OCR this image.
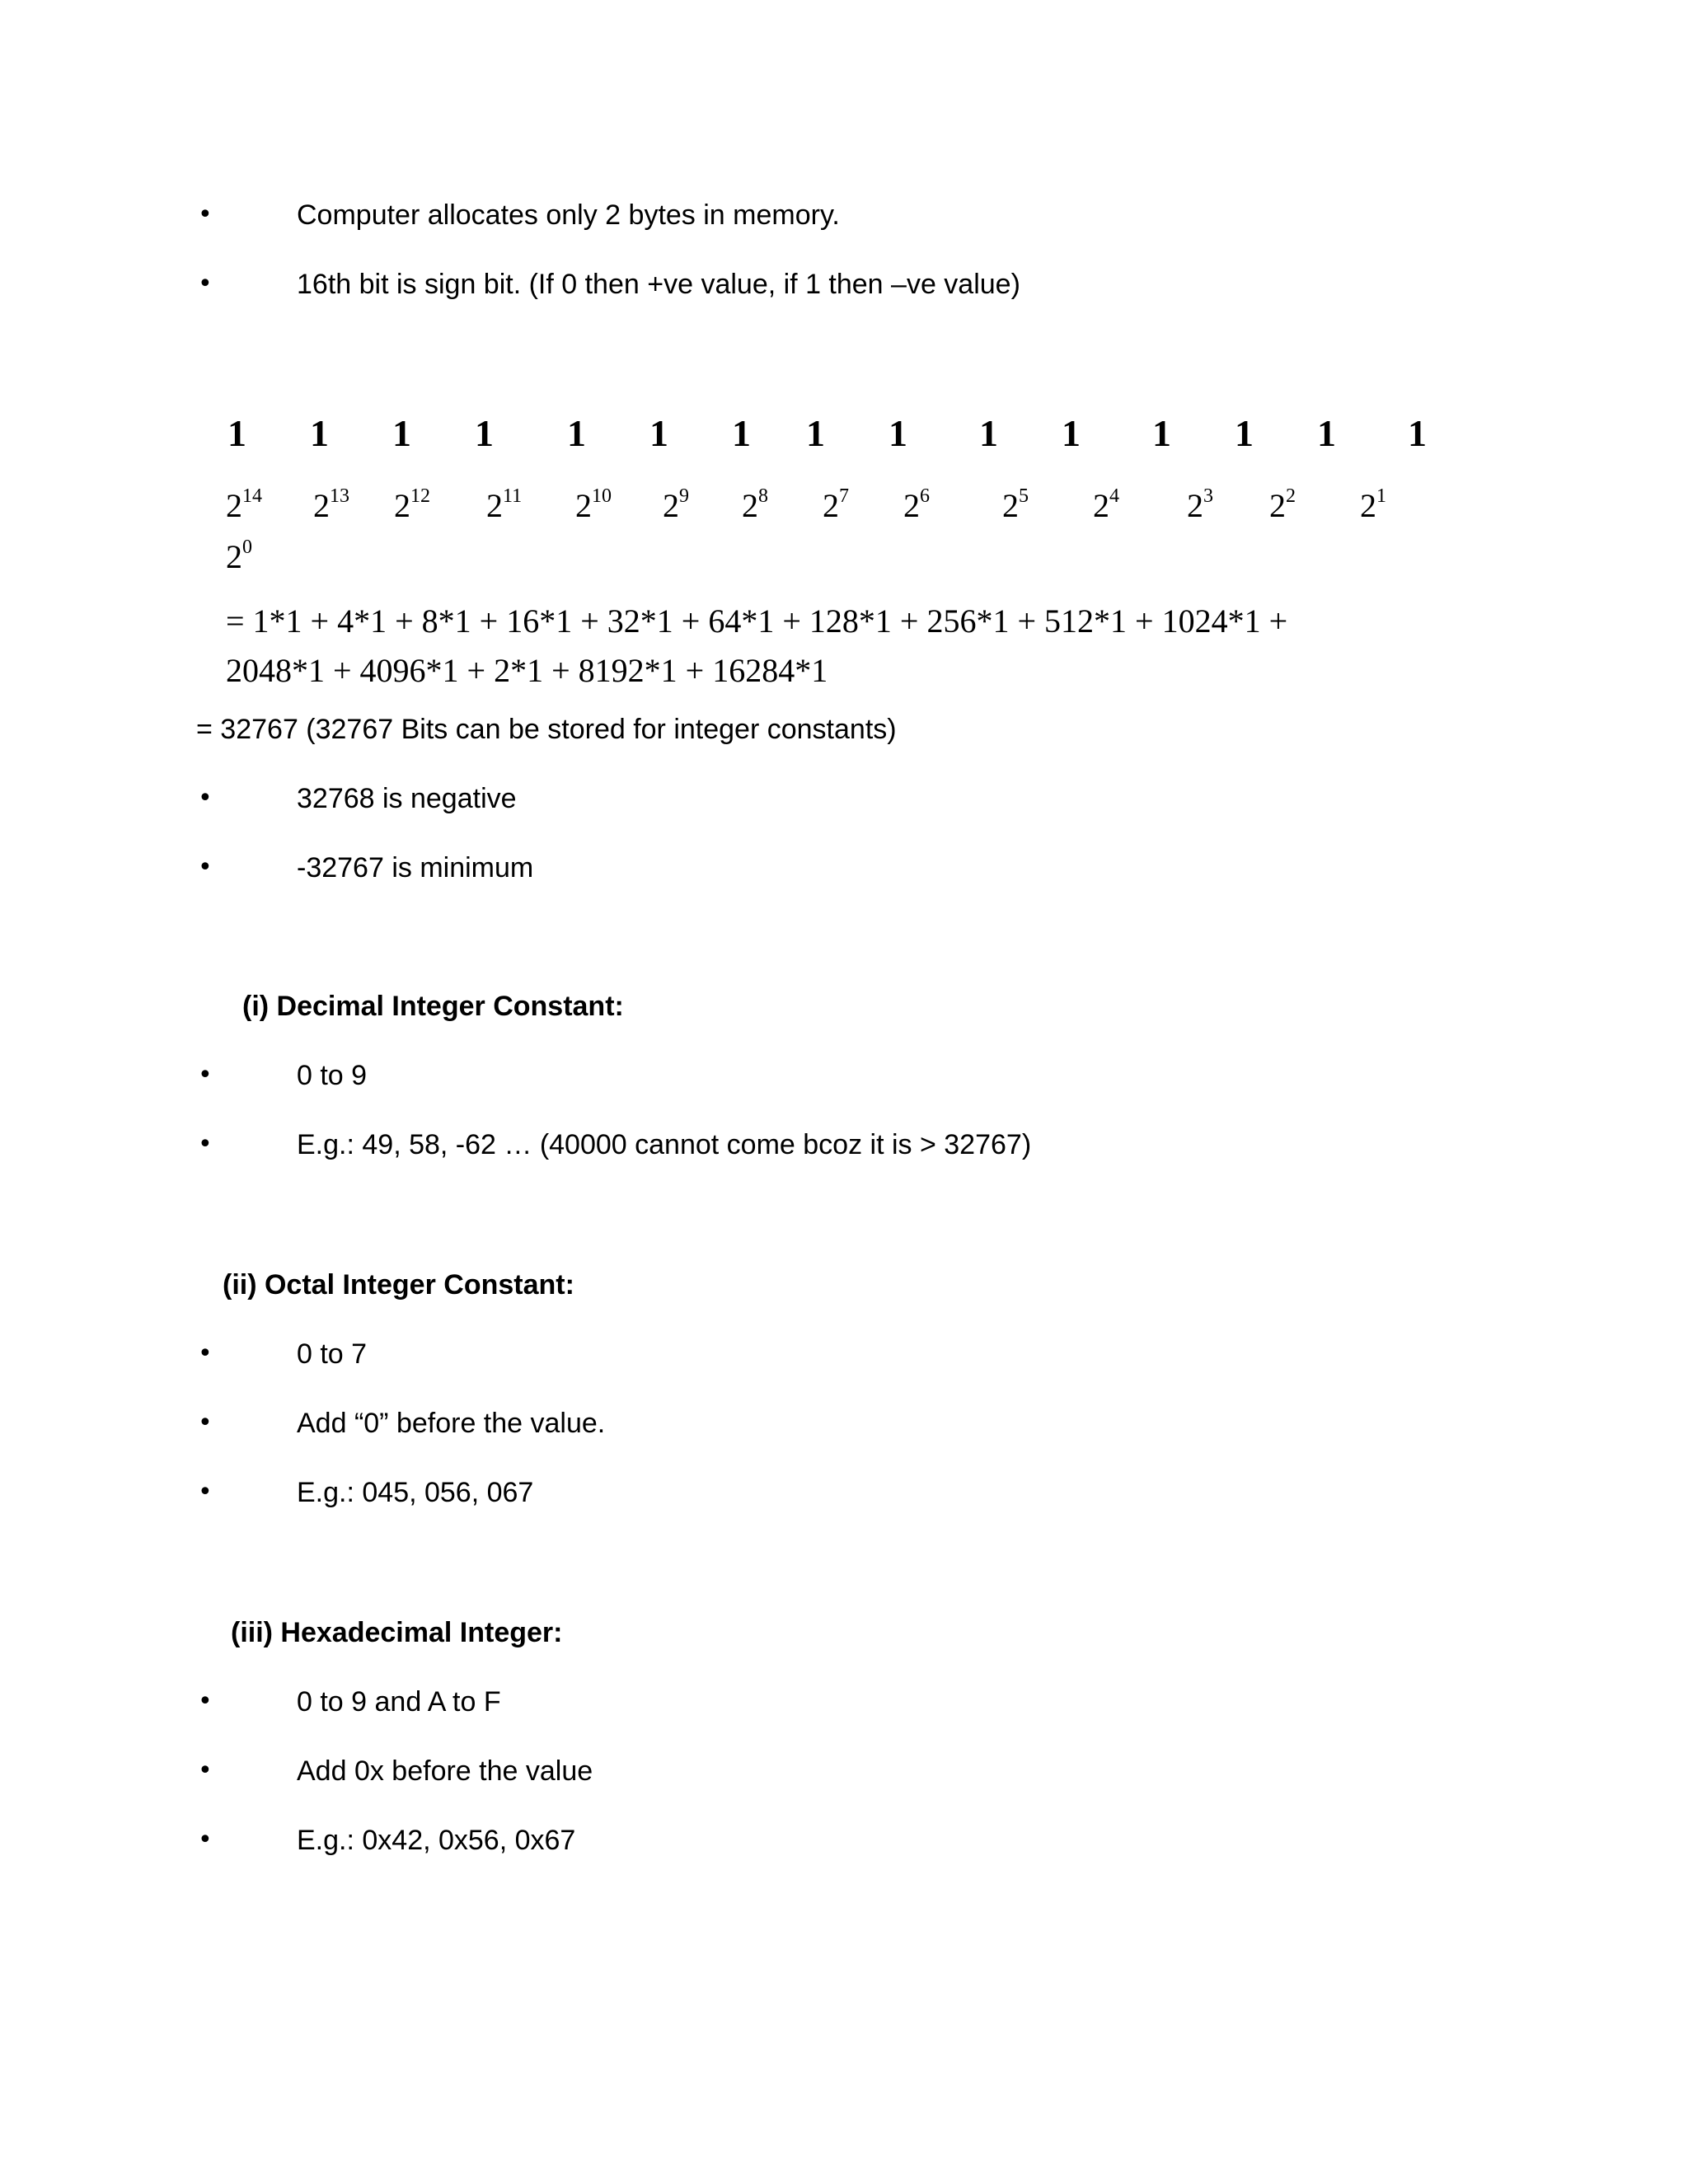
•	Computer allocates only 2 bytes in memory.
•	16th bit is sign bit. (If 0 then +ve value, if 1 then –ve value)
1 1 1 1 1 1 1 1 1 1 1 1 1 1 1
$2^{14}$ $2^{13}$ $2^{12}$ $2^{11}$ $2^{10}$ $2^9$ $2^8$ $2^7$ $2^6$ $2^5$ $2^4$ $2^3$ $2^2$ $2^1$
$2^0$
= 1*1 + 4*1 + 8*1 + 16*1 + 32*1 + 64*1 + 128*1 + 256*1 + 512*1 + 1024*1 +
2048*1 + 4096*1 + 2*1 + 8192*1 + 16284*1
= 32767 (32767 Bits can be stored for integer constants)
•	32768 is negative
•	-32767 is minimum
(i) Decimal Integer Constant:
•	0 to 9
•	E.g.: 49, 58, -62 … (40000 cannot come bcoz it is > 32767)
(ii) Octal Integer Constant:
•	0 to 7
•	Add “0” before the value.
•	E.g.: 045, 056, 067
(iii) Hexadecimal Integer:
•	0 to 9 and A to F
•	Add 0x before the value
•	E.g.: 0x42, 0x56, 0x67
